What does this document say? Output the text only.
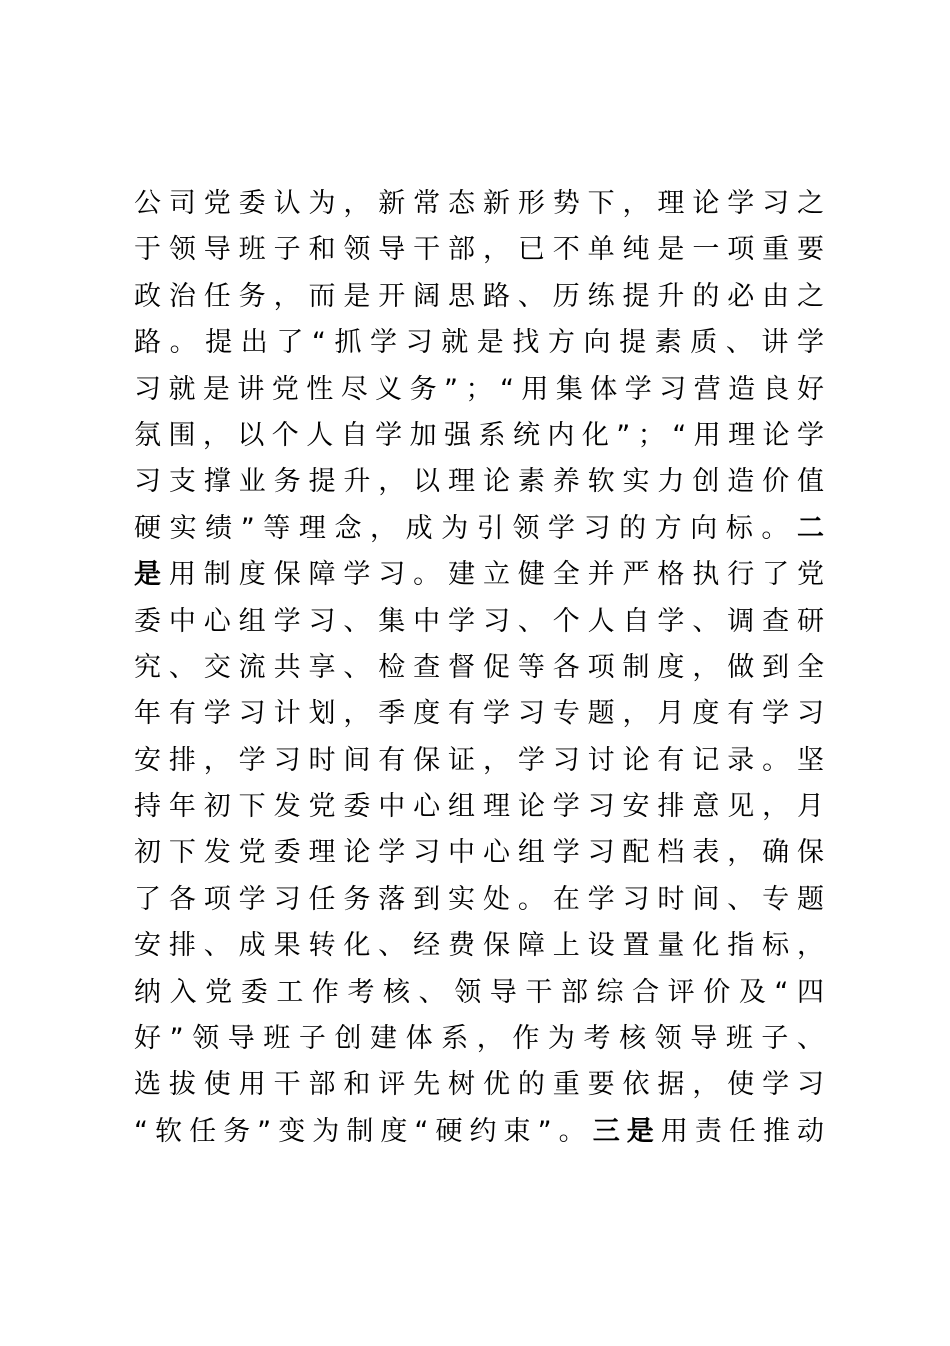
公司党委认为，新常态新形势下，理论学习之
于领导班子和领导干部，已不单纯是一项重要
政治任务，而是开阔思路、历练提升的必由之
路。提出了“抓学习就是找方向提素质、讲学
习就是讲党性尽义务”；“用集体学习营造良好
氛围，以个人自学加强系统内化”；“用理论学
习支撑业务提升，以理论素养软实力创造价值
硬实绩”等理念，成为引领学习的方向标。二
是用制度保障学习。建立健全并严格执行了党
委中心组学习、集中学习、个人自学、调查研
究、交流共享、检查督促等各项制度，做到全
年有学习计划，季度有学习专题，月度有学习
安排，学习时间有保证，学习讨论有记录。坚
持年初下发党委中心组理论学习安排意见，月
初下发党委理论学习中心组学习配档表，确保
了各项学习任务落到实处。在学习时间、专题
安排、成果转化、经费保障上设置量化指标，
纳入党委工作考核、领导干部综合评价及“四
好”领导班子创建体系，作为考核领导班子、
选拔使用干部和评先树优的重要依据，使学习
“软任务”变为制度“硬约束”。三是用责任推动
